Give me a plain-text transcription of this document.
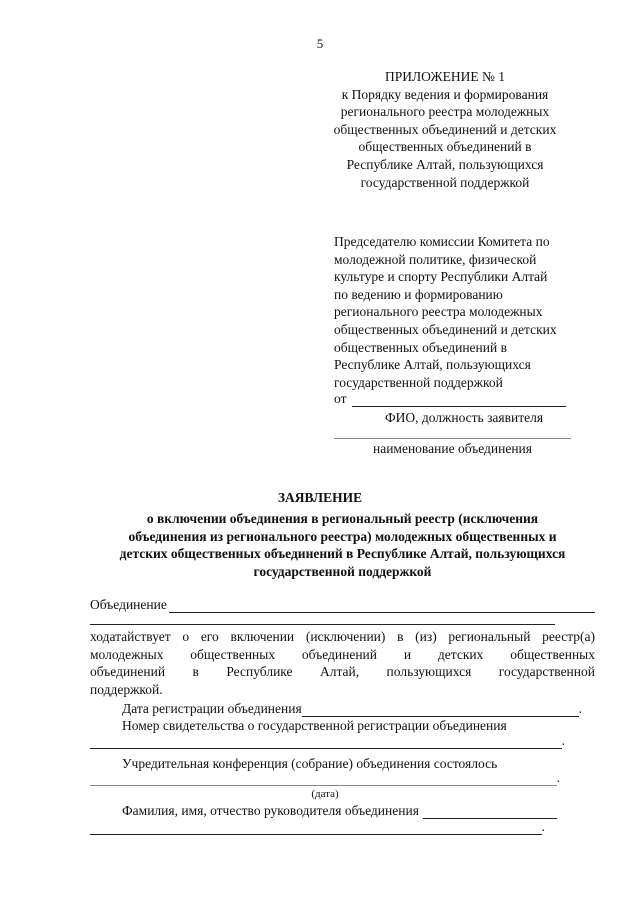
5
ПРИЛОЖЕНИЕ № 1
к Порядку ведения и формирования
регионального реестра молодежных
общественных объединений и детских
общественных объединений в
Республике Алтай, пользующихся
государственной поддержкой
Председателю комиссии Комитета по
молодежной политике, физической
культуре и спорту Республики Алтай
по ведению и формированию
регионального реестра молодежных
общественных объединений и детских
общественных объединений в
Республике Алтай, пользующихся
государственной поддержкой
от
ФИО, должность заявителя
наименование объединения
ЗАЯВЛЕНИЕ
о включении объединения в региональный реестр (исключения
объединения из регионального реестра) молодежных общественных и
детских общественных объединений в Республике Алтай, пользующихся
государственной поддержкой
Объединение
ходатайствует о его включении (исключении) в (из) региональный реестр(а)
молодежных общественных объединений и детских общественных
объединений в Республике Алтай, пользующихся государственной
поддержкой.
Дата регистрации объединения	.
Номер свидетельства о государственной регистрации объединения
.
Учредительная конференция (собрание) объединения состоялось
.
(дата)
Фамилия, имя, отчество руководителя объединения
.
